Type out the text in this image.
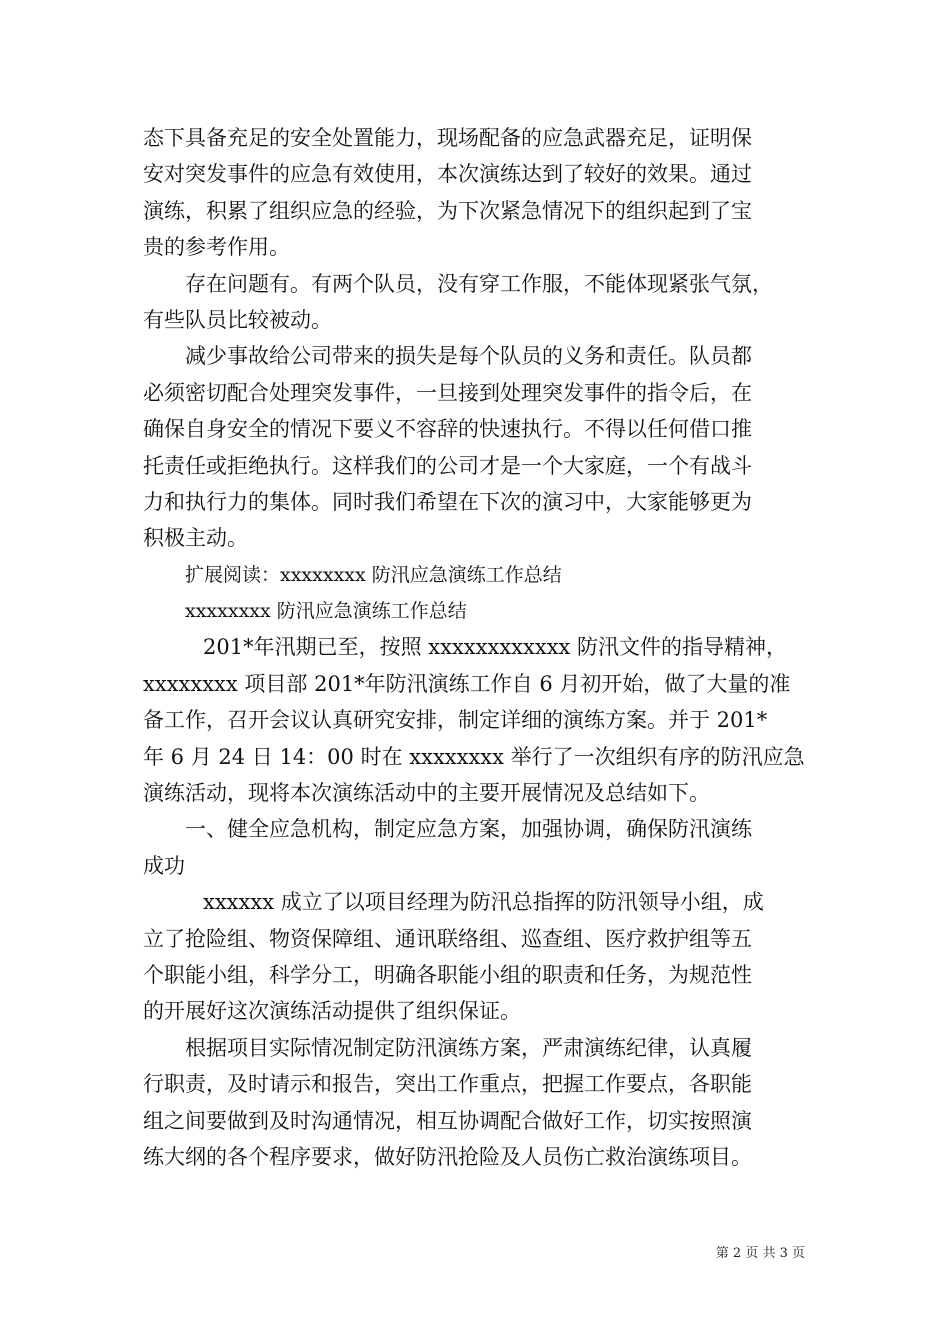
态下具备充足的安全处置能力，现场配备的应急武器充足，证明保
安对突发事件的应急有效使用，本次演练达到了较好的效果。通过
演练，积累了组织应急的经验，为下次紧急情况下的组织起到了宝
贵的参考作用。
存在问题有。有两个队员，没有穿工作服，不能体现紧张气氛，
有些队员比较被动。
减少事故给公司带来的损失是每个队员的义务和责任。队员都
必须密切配合处理突发事件，一旦接到处理突发事件的指令后，在
确保自身安全的情况下要义不容辞的快速执行。不得以任何借口推
托责任或拒绝执行。这样我们的公司才是一个大家庭，一个有战斗
力和执行力的集体。同时我们希望在下次的演习中，大家能够更为
积极主动。
扩展阅读：xxxxxxxx 防汛应急演练工作总结
xxxxxxxx 防汛应急演练工作总结
201*年汛期已至，按照 xxxxxxxxxxxx 防汛文件的指导精神，
xxxxxxxx 项目部 201*年防汛演练工作自 6 月初开始，做了大量的准
备工作，召开会议认真研究安排，制定详细的演练方案。并于 201*
年 6 月 24 日 14：00 时在 xxxxxxxx 举行了一次组织有序的防汛应急
演练活动，现将本次演练活动中的主要开展情况及总结如下。
一、健全应急机构，制定应急方案，加强协调，确保防汛演练
成功
xxxxxx 成立了以项目经理为防汛总指挥的防汛领导小组，成
立了抢险组、物资保障组、通讯联络组、巡查组、医疗救护组等五
个职能小组，科学分工，明确各职能小组的职责和任务，为规范性
的开展好这次演练活动提供了组织保证。
根据项目实际情况制定防汛演练方案，严肃演练纪律，认真履
行职责，及时请示和报告，突出工作重点，把握工作要点，各职能
组之间要做到及时沟通情况，相互协调配合做好工作，切实按照演
练大纲的各个程序要求，做好防汛抢险及人员伤亡救治演练项目。
第 2 页 共 3 页
